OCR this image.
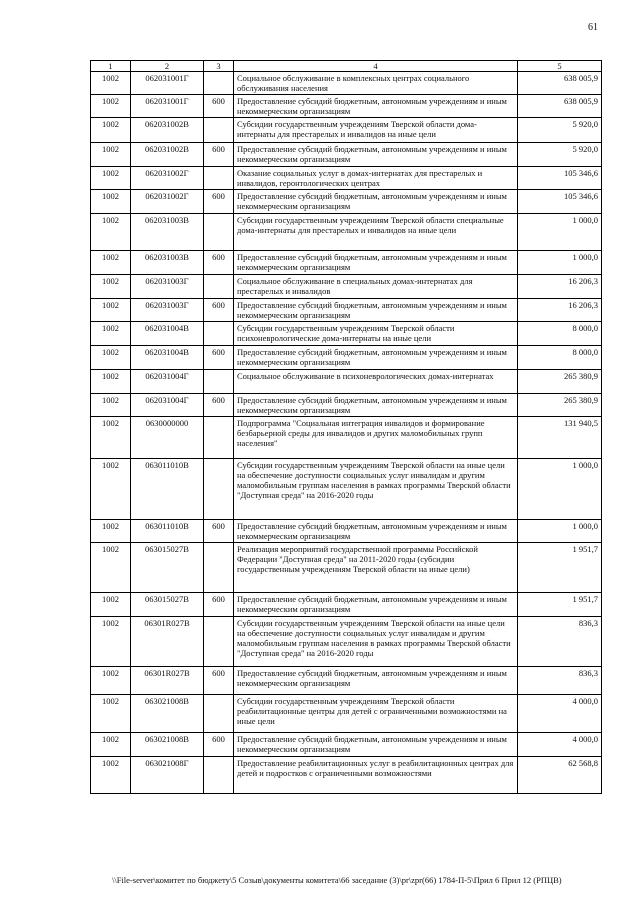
61
1	2	3	4	5
1002	062031001Г		Социальное обслуживание в комплексных центрах социального обслуживания населения	638 005,9
1002	062031001Г	600	Предоставление субсидий бюджетным, автономным учреждениям и иным некоммерческим организациям	638 005,9
1002	062031002В		Субсидии государственным учреждениям Тверской области дома-интернаты для престарелых и инвалидов на иные цели	5 920,0
1002	062031002В	600	Предоставление субсидий бюджетным, автономным учреждениям и иным некоммерческим организациям	5 920,0
1002	062031002Г		Оказание социальных услуг в домах-интернатах для престарелых и инвалидов, геронтологических центрах	105 346,6
1002	062031002Г	600	Предоставление субсидий бюджетным, автономным учреждениям и иным некоммерческим организациям	105 346,6
1002	062031003В		Субсидии государственным учреждениям Тверской области специальные дома-интернаты для престарелых и инвалидов на иные цели	1 000,0
1002	062031003В	600	Предоставление субсидий бюджетным, автономным учреждениям и иным некоммерческим организациям	1 000,0
1002	062031003Г		Социальное обслуживание в специальных домах-интернатах для престарелых и инвалидов	16 206,3
1002	062031003Г	600	Предоставление субсидий бюджетным, автономным учреждениям и иным некоммерческим организациям	16 206,3
1002	062031004В		Субсидии государственным учреждениям Тверской области психоневрологические дома-интернаты на иные цели	8 000,0
1002	062031004В	600	Предоставление субсидий бюджетным, автономным учреждениям и иным некоммерческим организациям	8 000,0
1002	062031004Г		Социальное обслуживание в психоневрологических домах-интернатах	265 380,9
1002	062031004Г	600	Предоставление субсидий бюджетным, автономным учреждениям и иным некоммерческим организациям	265 380,9
1002	0630000000		Подпрограмма "Социальная интеграция инвалидов и формирование безбарьерной среды для инвалидов и других маломобильных групп населения"	131 940,5
1002	063011010В		Субсидии государственным учреждениям Тверской области на иные цели на обеспечение доступности социальных услуг инвалидам и другим маломобильным группам населения в рамках программы Тверской области "Доступная среда" на 2016-2020 годы	1 000,0
1002	063011010В	600	Предоставление субсидий бюджетным, автономным учреждениям и иным некоммерческим организациям	1 000,0
1002	063015027В		Реализация мероприятий государственной программы Российской Федерации "Доступная среда" на 2011-2020 годы (субсидии государственным учреждениям Тверской области на иные цели)	1 951,7
1002	063015027В	600	Предоставление субсидий бюджетным, автономным учреждениям и иным некоммерческим организациям	1 951,7
1002	06301R027В		Субсидии государственным учреждениям Тверской области на иные цели на обеспечение доступности социальных услуг инвалидам и другим маломобильным группам населения в рамках программы Тверской области "Доступная среда" на 2016-2020 годы	836,3
1002	06301R027В	600	Предоставление субсидий бюджетным, автономным учреждениям и иным некоммерческим организациям	836,3
1002	063021008В		Субсидии государственным учреждениям Тверской области реабилитационные центры для детей с ограниченными возможностями на иные цели	4 000,0
1002	063021008В	600	Предоставление субсидий бюджетным, автономным учреждениям и иным некоммерческим организациям	4 000,0
1002	063021008Г		Предоставление реабилитационных услуг в реабилитационных центрах для детей и подростков с ограниченными возможностями	62 568,8
\\File-server\комитет по бюджету\5 Созыв\документы комитета\66 заседание (3)\pr\zpr(66) 1784-П-5\Прил 6 Прил 12 (РПЦВ)
